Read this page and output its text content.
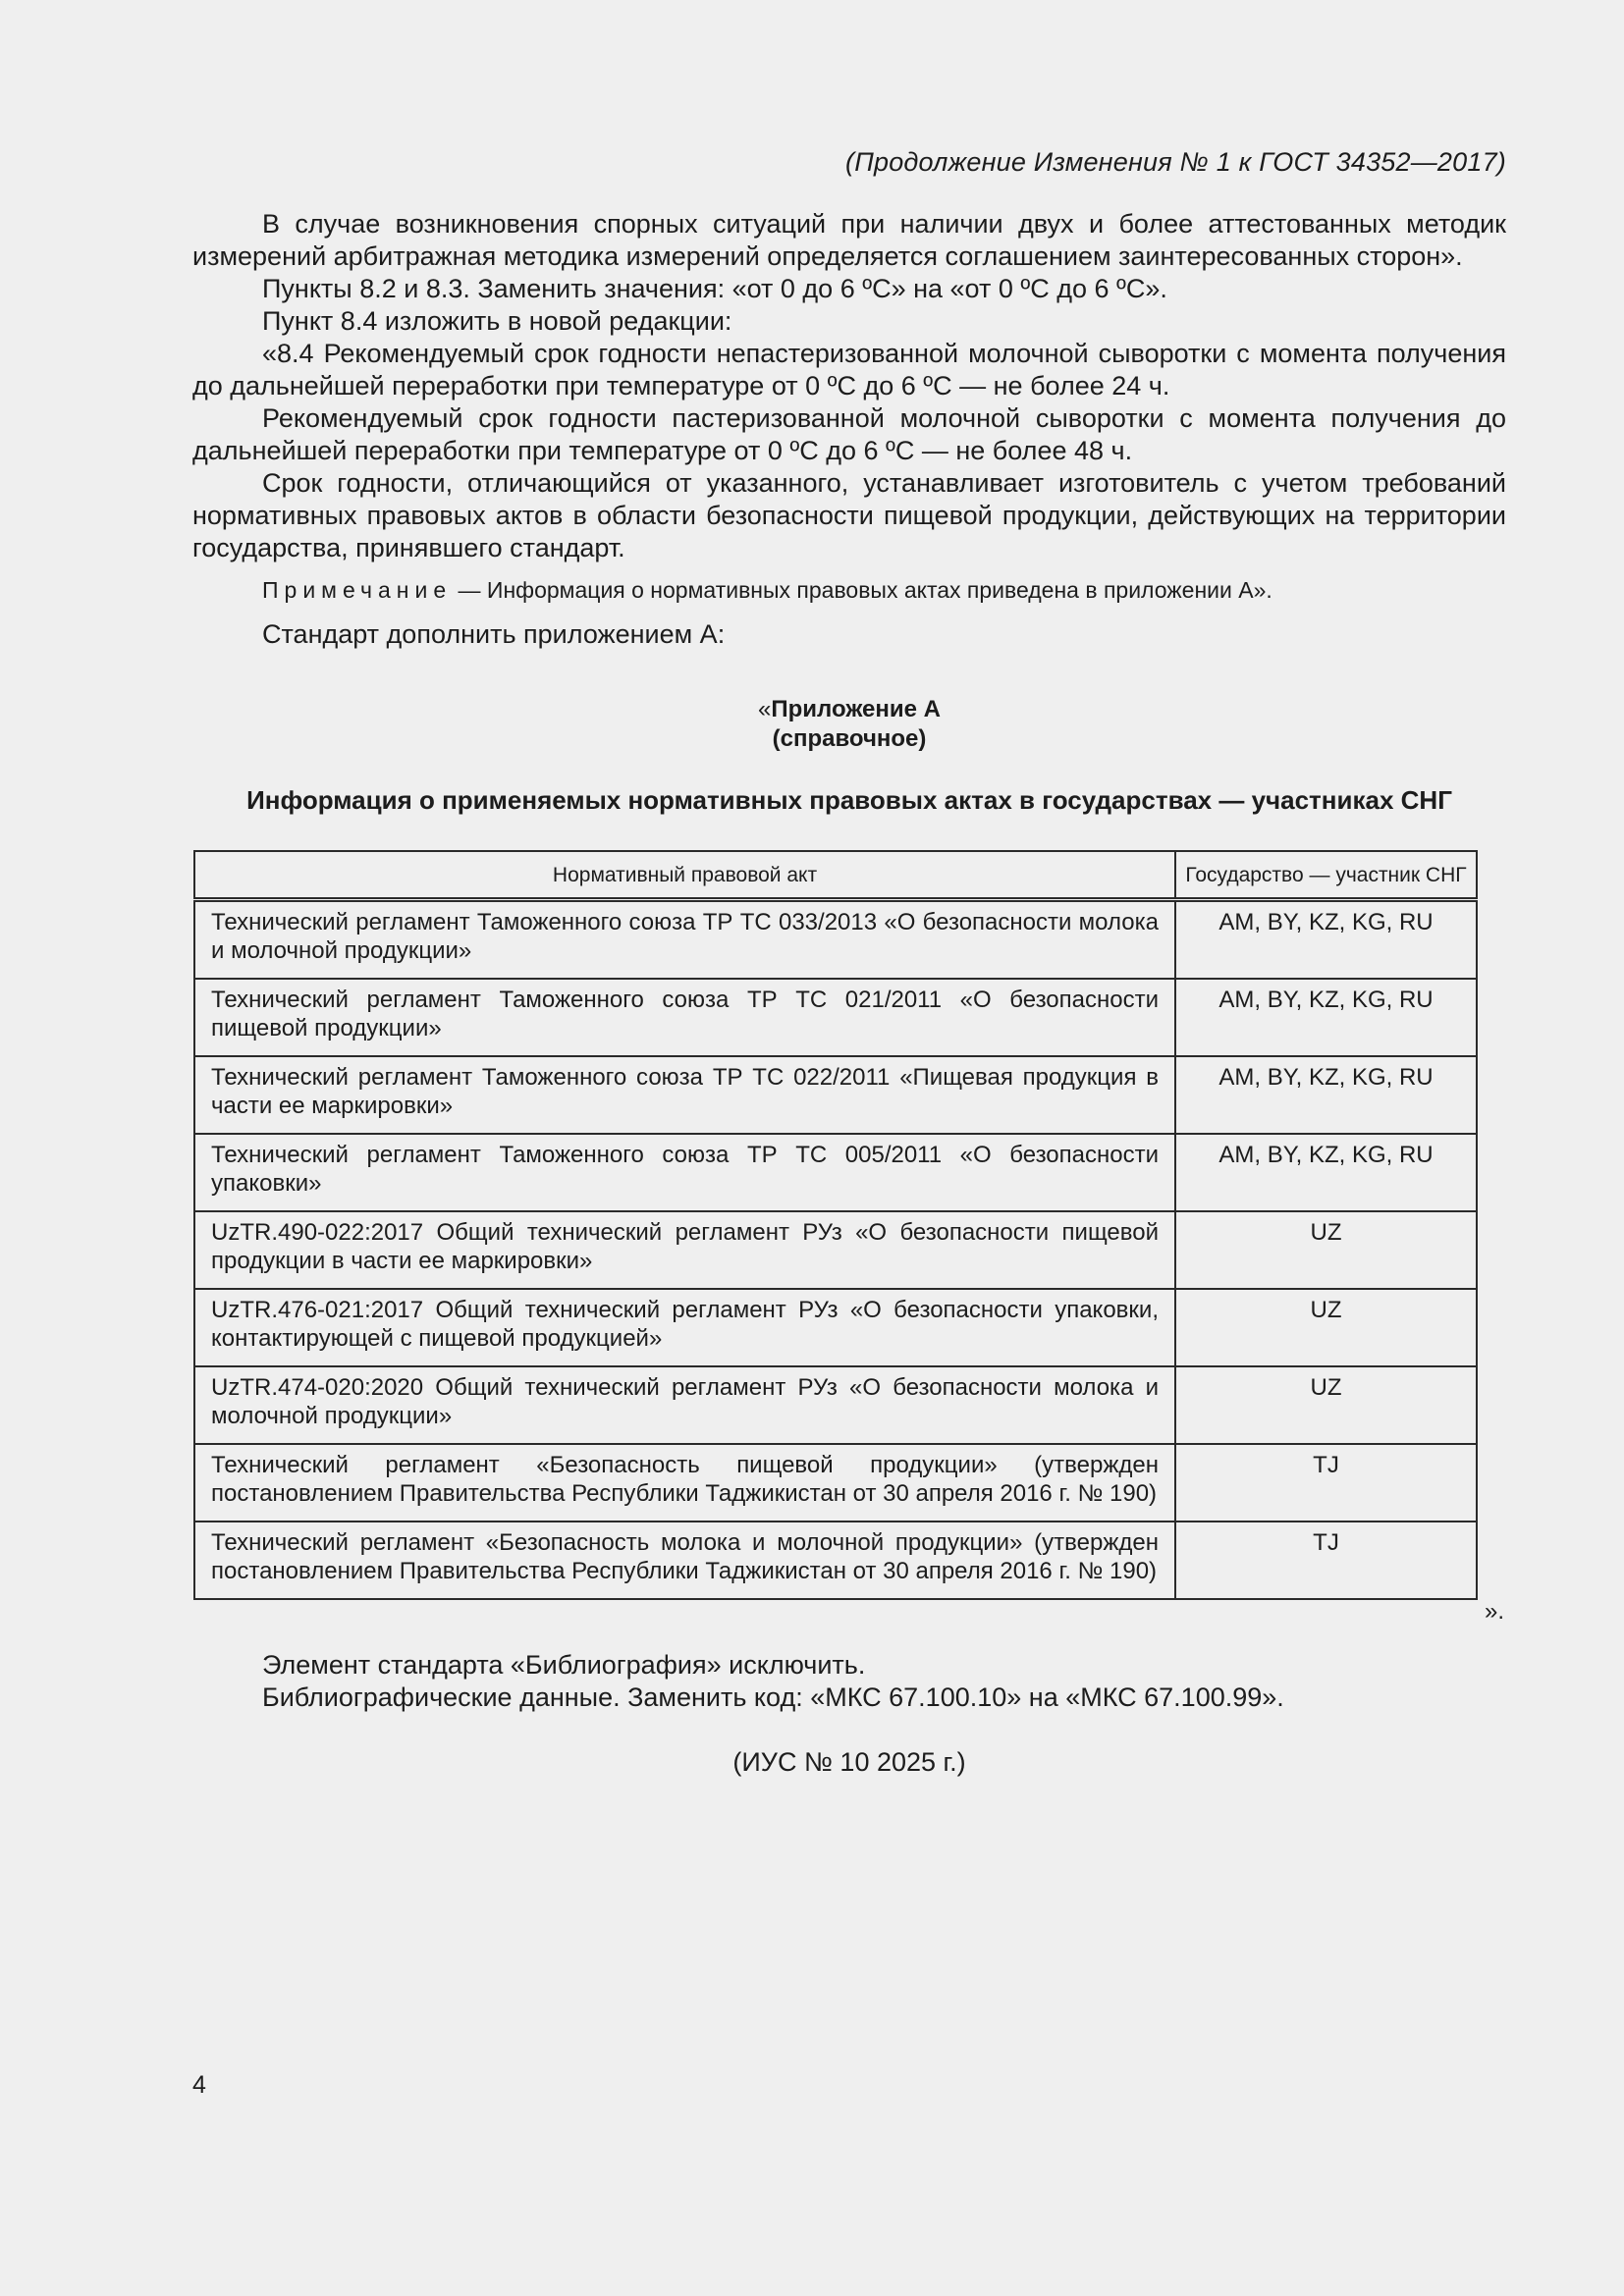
(Продолжение Изменения № 1 к ГОСТ 34352—2017)

В случае возникновения спорных ситуаций при наличии двух и более аттестованных методик измерений арбитражная методика измерений определяется соглашением заинтересованных сторон».

Пункты 8.2 и 8.3. Заменить значения: «от 0 до 6 ºС» на «от 0 ºС до 6 ºС».

Пункт 8.4 изложить в новой редакции:

«8.4 Рекомендуемый срок годности непастеризованной молочной сыворотки с момента получения до дальнейшей переработки при температуре от 0 ºС до 6 ºС — не более 24 ч.

Рекомендуемый срок годности пастеризованной молочной сыворотки с момента получения до дальнейшей переработки при температуре от 0 ºС до 6 ºС — не более 48 ч.

Срок годности, отличающийся от указанного, устанавливает изготовитель с учетом требований нормативных правовых актов в области безопасности пищевой продукции, действующих на территории государства, принявшего стандарт.

Примечание — Информация о нормативных правовых актах приведена в приложении А».

Стандарт дополнить приложением А:

«Приложение А
(справочное)
Информация о применяемых нормативных правовых актах в государствах — участниках СНГ
Нормативный правовой акт	Государство — участник СНГ
Технический регламент Таможенного союза ТР ТС 033/2013 «О безопасности молока и молочной продукции»	AM, BY, KZ, KG, RU
Технический регламент Таможенного союза ТР ТС 021/2011 «О безопасности пищевой продукции»	AM, BY, KZ, KG, RU
Технический регламент Таможенного союза ТР ТС 022/2011 «Пищевая продукция в части ее маркировки»	AM, BY, KZ, KG, RU
Технический регламент Таможенного союза ТР ТС 005/2011 «О безопасности упаковки»	AM, BY, KZ, KG, RU
UzTR.490-022:2017 Общий технический регламент РУз «О безопасности пищевой продукции в части ее маркировки»	UZ
UzTR.476-021:2017 Общий технический регламент РУз «О безопасности упаковки, контактирующей с пищевой продукцией»	UZ
UzTR.474-020:2020 Общий технический регламент РУз «О безопасности молока и молочной продукции»	UZ
Технический регламент «Безопасность пищевой продукции» (утвержден постановлением Правительства Республики Таджикистан от 30 апреля 2016 г. № 190)	TJ
Технический регламент «Безопасность молока и молочной продукции» (утвержден постановлением Правительства Республики Таджикистан от 30 апреля 2016 г. № 190)	TJ
».

Элемент стандарта «Библиография» исключить.

Библиографические данные. Заменить код: «МКС 67.100.10» на «МКС 67.100.99».

(ИУС № 10 2025 г.)
4
